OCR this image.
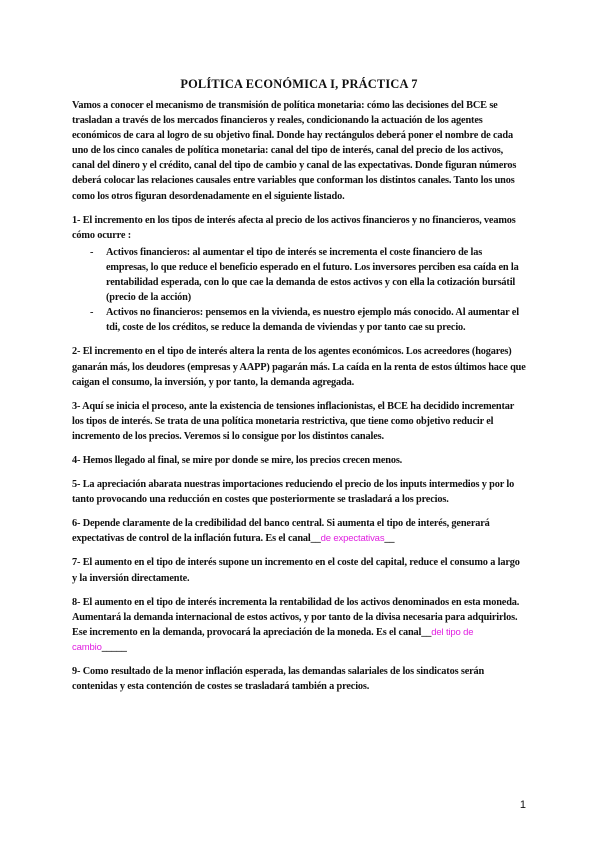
POLÍTICA ECONÓMICA I, PRÁCTICA 7

Vamos a conocer el mecanismo de transmisión de política monetaria: cómo las decisiones del BCE se trasladan a través de los mercados financieros y reales, condicionando la actuación de los agentes económicos de cara al logro de su objetivo final. Donde hay rectángulos deberá poner el nombre de cada uno de los cinco canales de política monetaria: canal del tipo de interés, canal del precio de los activos, canal del dinero y el crédito, canal del tipo de cambio y canal de las expectativas. Donde figuran números deberá colocar las relaciones causales entre variables que conforman los distintos canales. Tanto los unos como los otros figuran desordenadamente en el siguiente listado.

1- El incremento en los tipos de interés afecta al precio de los activos financieros y no financieros, veamos cómo ocurre :

- Activos financieros: al aumentar el tipo de interés se incrementa el coste financiero de las empresas, lo que reduce el beneficio esperado en el futuro. Los inversores perciben esa caída en la rentabilidad esperada, con lo que cae la demanda de estos activos y con ella la cotización bursátil (precio de la acción)
- Activos no financieros: pensemos en la vivienda, es nuestro ejemplo más conocido. Al aumentar el tdi, coste de los créditos, se reduce la demanda de viviendas y por tanto cae su precio.

2- El incremento en el tipo de interés altera la renta de los agentes económicos. Los acreedores (hogares) ganarán más, los deudores (empresas y AAPP) pagarán más. La caída en la renta de estos últimos hace que caigan el consumo, la inversión, y por tanto, la demanda agregada.

3- Aquí se inicia el proceso, ante la existencia de tensiones inflacionistas, el BCE ha decidido incrementar los tipos de interés. Se trata de una política monetaria restrictiva, que tiene como objetivo reducir el incremento de los precios. Veremos si lo consigue por los distintos canales.

4- Hemos llegado al final, se mire por donde se mire, los precios crecen menos.

5- La apreciación abarata nuestras importaciones reduciendo el precio de los inputs intermedios y por lo tanto provocando una reducción en costes que posteriormente se trasladará a los precios.

6- Depende claramente de la credibilidad del banco central. Si aumenta el tipo de interés, generará expectativas de control de la inflación futura. Es el canal__de expectativas__

7- El aumento en el tipo de interés supone un incremento en el coste del capital, reduce el consumo a largo y la inversión directamente.

8- El aumento en el tipo de interés incrementa la rentabilidad de los activos denominados en esta moneda. Aumentará la demanda internacional de estos activos, y por tanto de la divisa necesaria para adquirirlos. Ese incremento en la demanda, provocará la apreciación de la moneda. Es el canal__del tipo de cambio_____

9- Como resultado de la menor inflación esperada, las demandas salariales de los sindicatos serán contenidas y esta contención de costes se trasladará también a precios.

1
